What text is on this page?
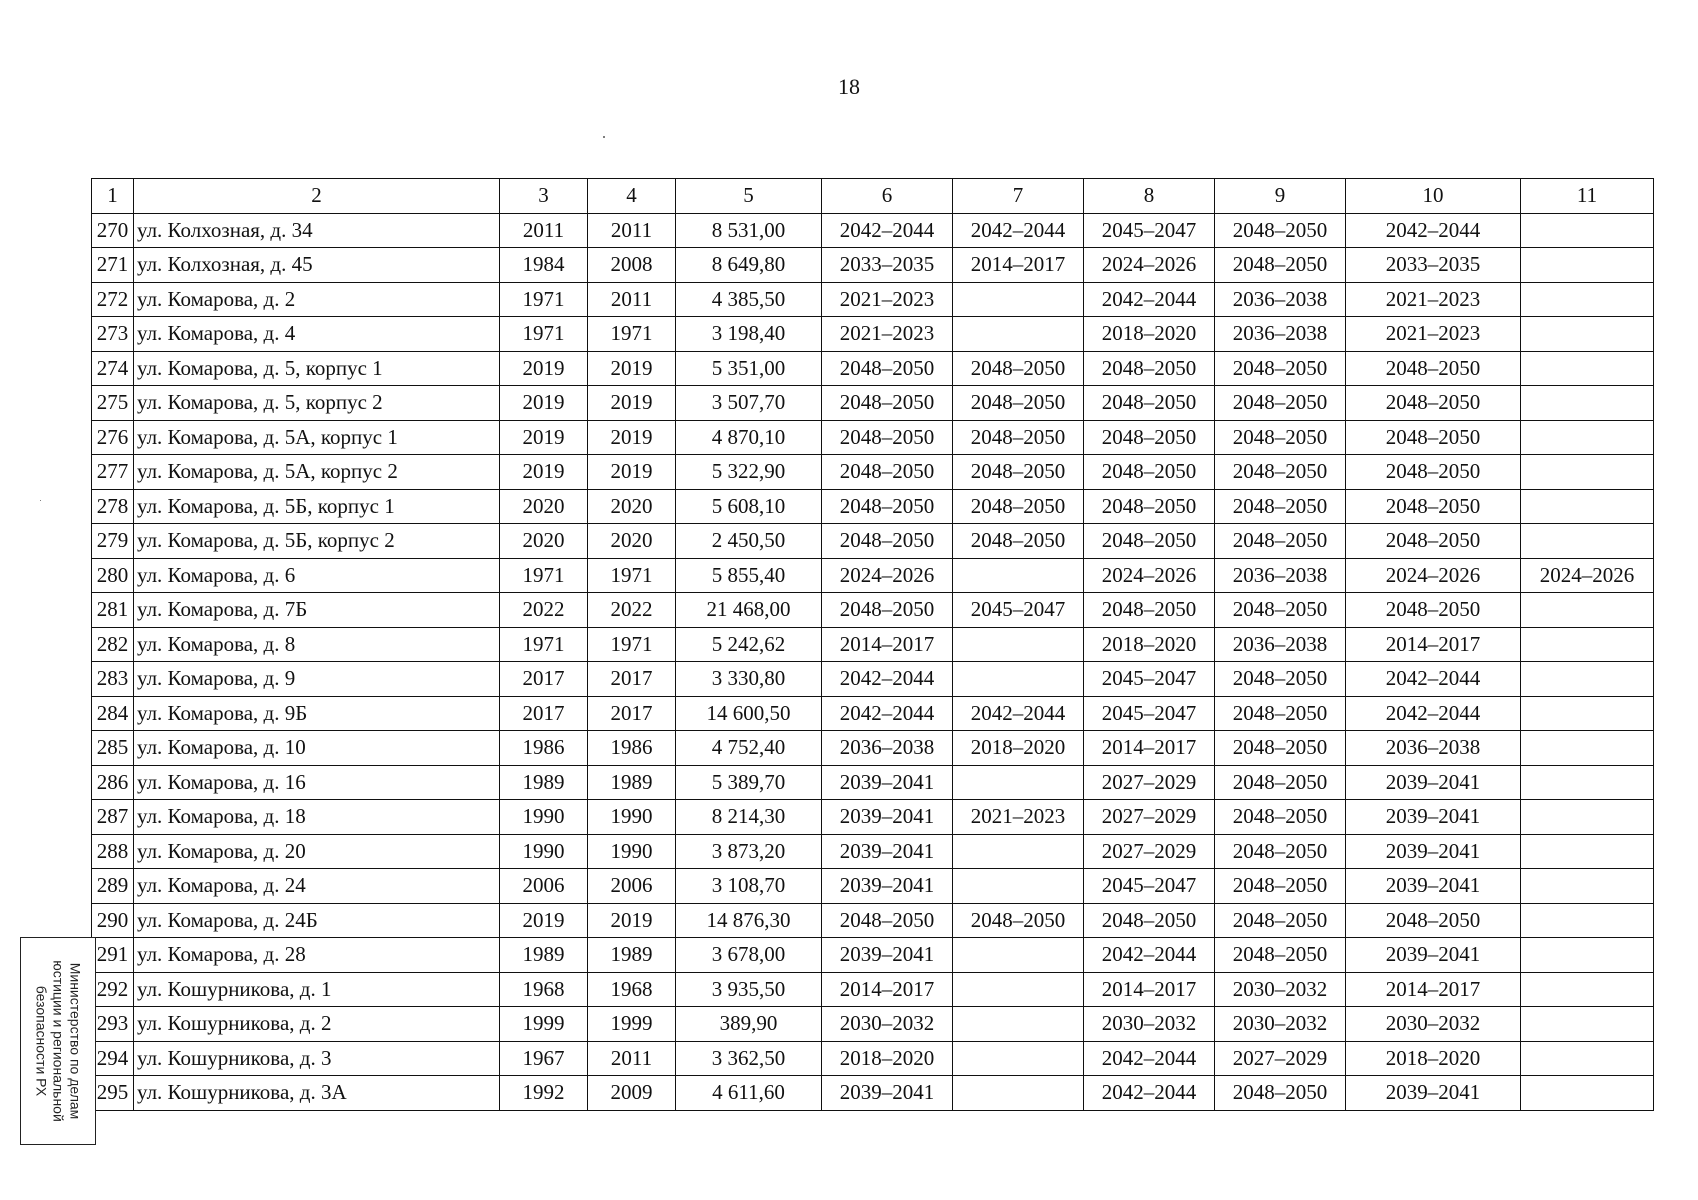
18
1	2	3	4	5	6	7	8	9	10	11
270	ул. Колхозная, д. 34	2011	2011	8 531,00	2042–2044	2042–2044	2045–2047	2048–2050	2042–2044	
271	ул. Колхозная, д. 45	1984	2008	8 649,80	2033–2035	2014–2017	2024–2026	2048–2050	2033–2035	
272	ул. Комарова, д. 2	1971	2011	4 385,50	2021–2023		2042–2044	2036–2038	2021–2023	
273	ул. Комарова, д. 4	1971	1971	3 198,40	2021–2023		2018–2020	2036–2038	2021–2023	
274	ул. Комарова, д. 5, корпус 1	2019	2019	5 351,00	2048–2050	2048–2050	2048–2050	2048–2050	2048–2050	
275	ул. Комарова, д. 5, корпус 2	2019	2019	3 507,70	2048–2050	2048–2050	2048–2050	2048–2050	2048–2050	
276	ул. Комарова, д. 5А, корпус 1	2019	2019	4 870,10	2048–2050	2048–2050	2048–2050	2048–2050	2048–2050	
277	ул. Комарова, д. 5А, корпус 2	2019	2019	5 322,90	2048–2050	2048–2050	2048–2050	2048–2050	2048–2050	
278	ул. Комарова, д. 5Б, корпус 1	2020	2020	5 608,10	2048–2050	2048–2050	2048–2050	2048–2050	2048–2050	
279	ул. Комарова, д. 5Б, корпус 2	2020	2020	2 450,50	2048–2050	2048–2050	2048–2050	2048–2050	2048–2050	
280	ул. Комарова, д. 6	1971	1971	5 855,40	2024–2026		2024–2026	2036–2038	2024–2026	2024–2026
281	ул. Комарова, д. 7Б	2022	2022	21 468,00	2048–2050	2045–2047	2048–2050	2048–2050	2048–2050	
282	ул. Комарова, д. 8	1971	1971	5 242,62	2014–2017		2018–2020	2036–2038	2014–2017	
283	ул. Комарова, д. 9	2017	2017	3 330,80	2042–2044		2045–2047	2048–2050	2042–2044	
284	ул. Комарова, д. 9Б	2017	2017	14 600,50	2042–2044	2042–2044	2045–2047	2048–2050	2042–2044	
285	ул. Комарова, д. 10	1986	1986	4 752,40	2036–2038	2018–2020	2014–2017	2048–2050	2036–2038	
286	ул. Комарова, д. 16	1989	1989	5 389,70	2039–2041		2027–2029	2048–2050	2039–2041	
287	ул. Комарова, д. 18	1990	1990	8 214,30	2039–2041	2021–2023	2027–2029	2048–2050	2039–2041	
288	ул. Комарова, д. 20	1990	1990	3 873,20	2039–2041		2027–2029	2048–2050	2039–2041	
289	ул. Комарова, д. 24	2006	2006	3 108,70	2039–2041		2045–2047	2048–2050	2039–2041	
290	ул. Комарова, д. 24Б	2019	2019	14 876,30	2048–2050	2048–2050	2048–2050	2048–2050	2048–2050	
291	ул. Комарова, д. 28	1989	1989	3 678,00	2039–2041		2042–2044	2048–2050	2039–2041	
292	ул. Кошурникова, д. 1	1968	1968	3 935,50	2014–2017		2014–2017	2030–2032	2014–2017	
293	ул. Кошурникова, д. 2	1999	1999	389,90	2030–2032		2030–2032	2030–2032	2030–2032	
294	ул. Кошурникова, д. 3	1967	2011	3 362,50	2018–2020		2042–2044	2027–2029	2018–2020	
295	ул. Кошурникова, д. 3А	1992	2009	4 611,60	2039–2041		2042–2044	2048–2050	2039–2041	
Министерство по делам
юстиции и региональной
безопасности РХ
